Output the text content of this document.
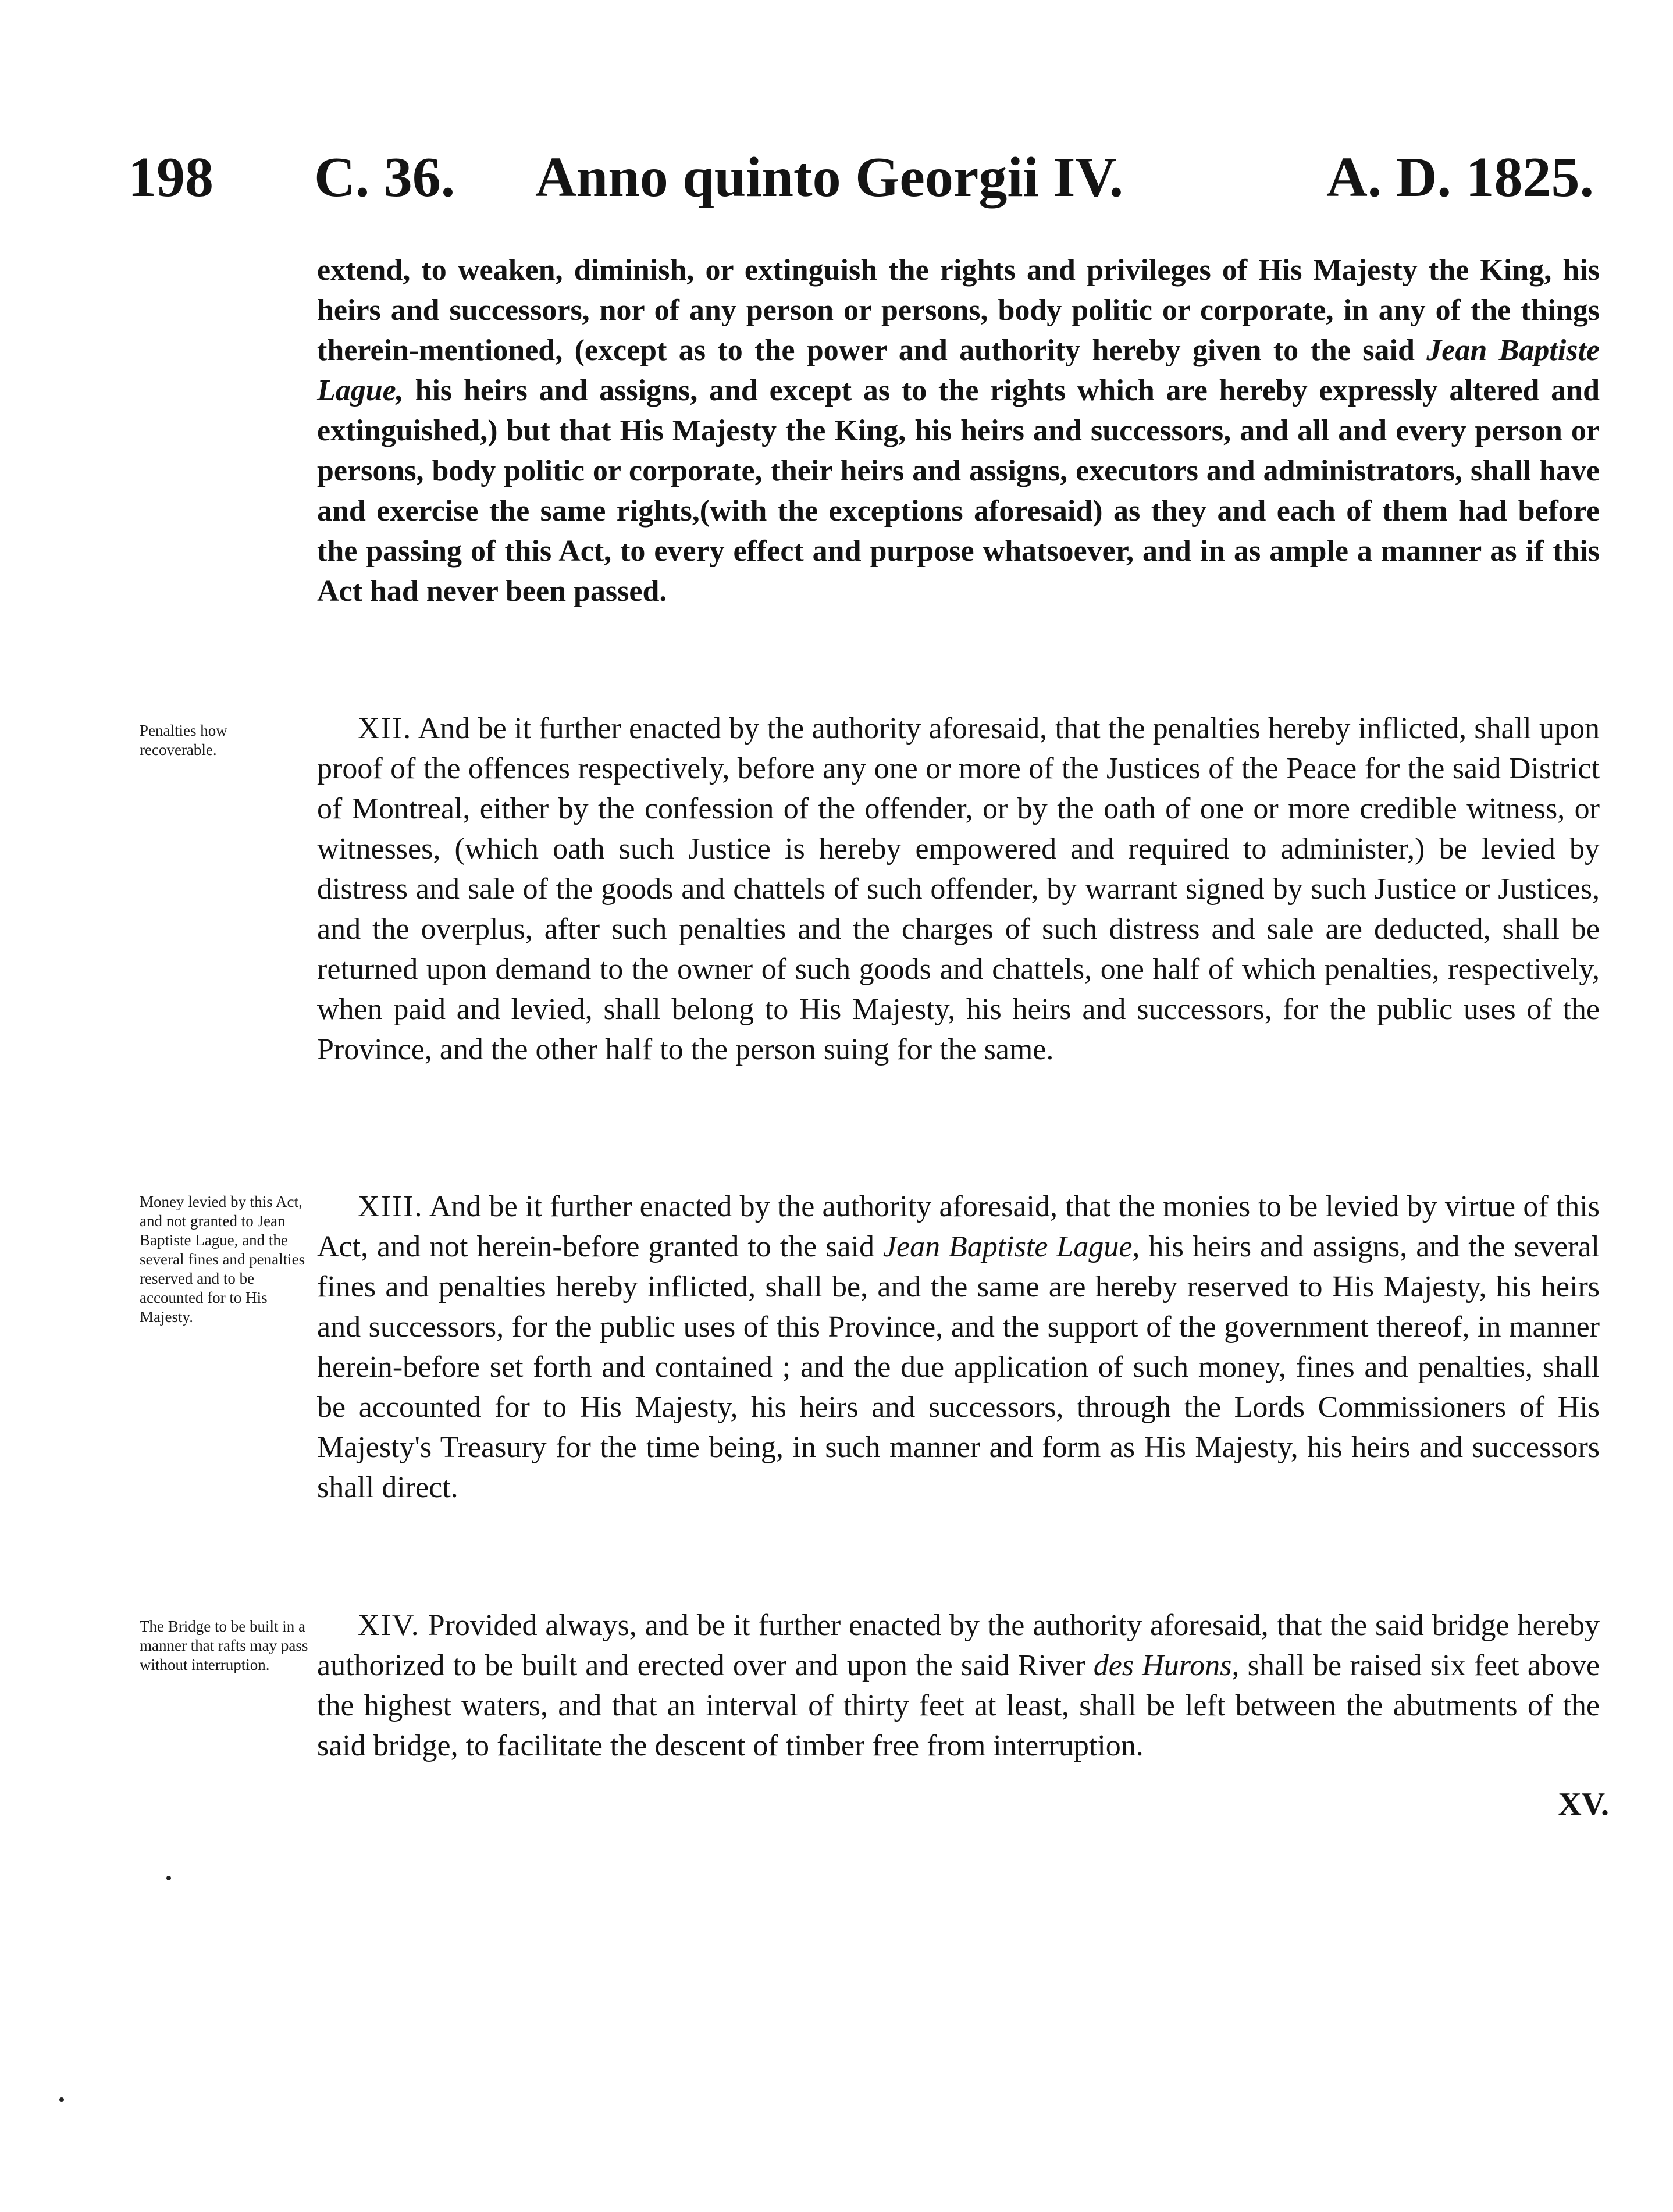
198 C. 36. Anno quinto Georgii IV.	A. D. 1825.

extend, to weaken, diminish, or extinguish the rights and privileges of His Majesty the King, his heirs and successors, nor of any person or persons, body politic or corporate, in any of the things therein-mentioned, (except as to the power and authority hereby given to the said Jean Baptiste Lague, his heirs and assigns, and except as to the rights which are hereby expressly altered and extinguished,) but that His Majesty the King, his heirs and successors, and all and every person or persons, body politic or corporate, their heirs and assigns, executors and administrators, shall have and exercise the same rights,(with the exceptions aforesaid) as they and each of them had before the passing of this Act, to every effect and purpose whatsoever, and in as ample a manner as if this Act had never been passed.

Penalties how recoverable.

XII. And be it further enacted by the authority aforesaid, that the penalties hereby inflicted, shall upon proof of the offences respectively, before any one or more of the Justices of the Peace for the said District of Montreal, either by the confession of the offender, or by the oath of one or more credible witness, or witnesses, (which oath such Justice is hereby empowered and required to administer,) be levied by distress and sale of the goods and chattels of such offender, by warrant signed by such Justice or Justices, and the overplus, after such penalties and the charges of such distress and sale are deducted, shall be returned upon demand to the owner of such goods and chattels, one half of which penalties, respectively, when paid and levied, shall belong to His Majesty, his heirs and successors, for the public uses of the Province, and the other half to the person suing for the same.

Money levied by this Act, and not granted to Jean Baptiste Lague, and the several fines and penalties reserved and to be accounted for to His Majesty.

XIII. And be it further enacted by the authority aforesaid, that the monies to be levied by virtue of this Act, and not herein-before granted to the said Jean Baptiste Lague, his heirs and assigns, and the several fines and penalties hereby inflicted, shall be, and the same are hereby reserved to His Majesty, his heirs and successors, for the public uses of this Province, and the support of the government thereof, in manner herein-before set forth and contained ; and the due application of such money, fines and penalties, shall be accounted for to His Majesty, his heirs and successors, through the Lords Commissioners of His Majesty's Treasury for the time being, in such manner and form as His Majesty, his heirs and successors shall direct.

The Bridge to be built in a manner that rafts may pass without interruption.

XIV. Provided always, and be it further enacted by the authority aforesaid, that the said bridge hereby authorized to be built and erected over and upon the said River des Hurons, shall be raised six feet above the highest waters, and that an interval of thirty feet at least, shall be left between the abutments of the said bridge, to facilitate the descent of timber free from interruption.

XV.
